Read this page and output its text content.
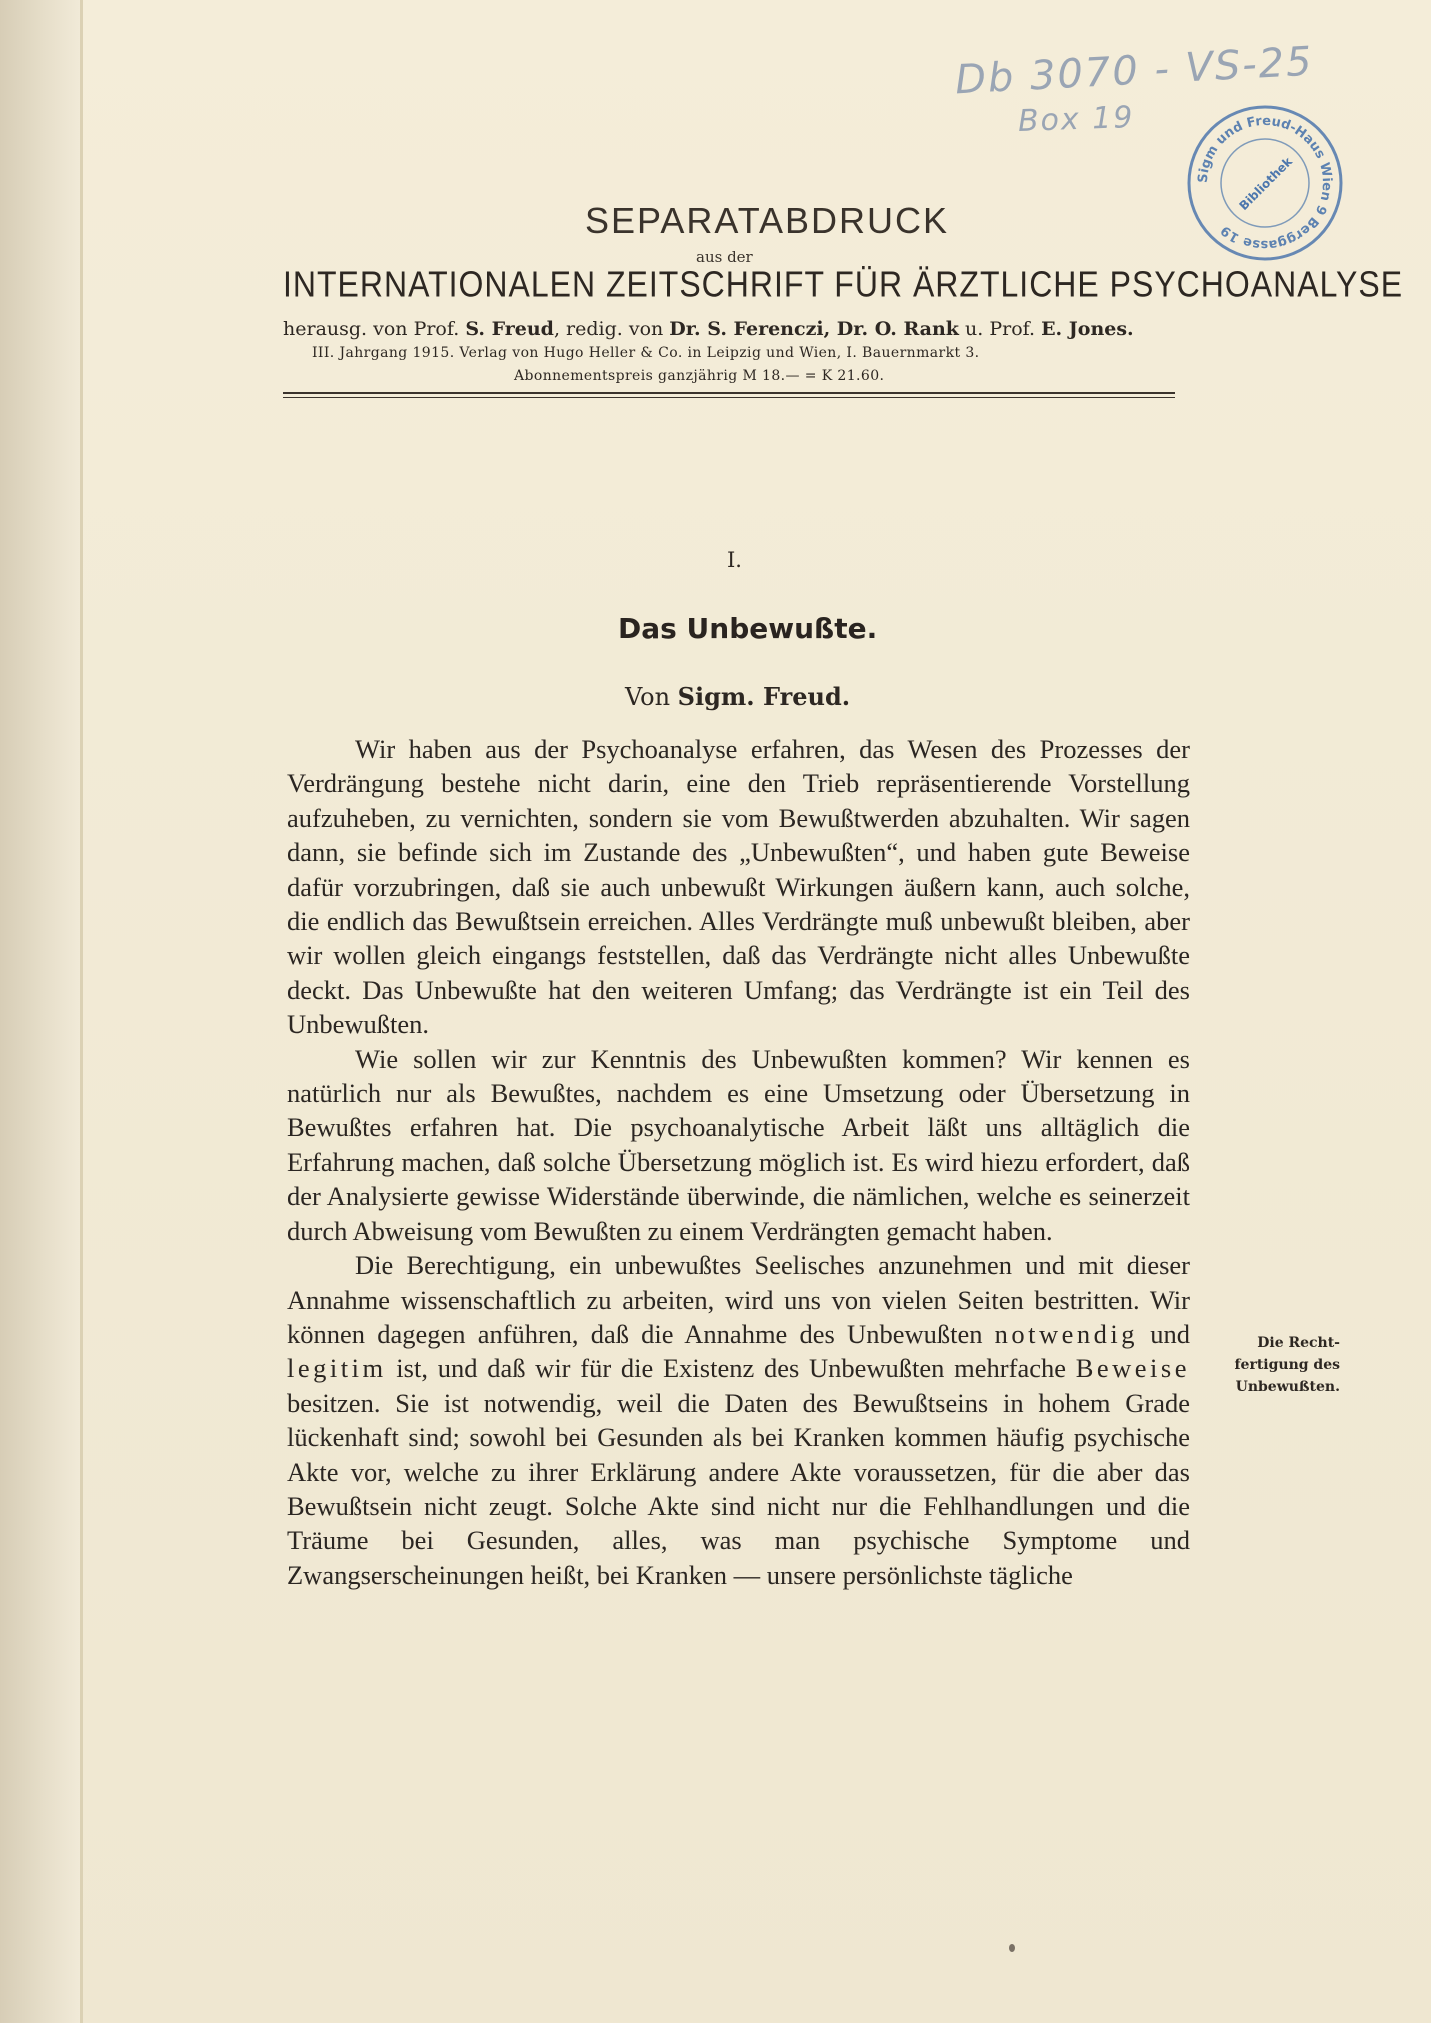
Db 3070 - VS-25
Box 19
Sigm und Freud-Haus Wien 9 Berggasse 19
Bibliothek
SEPARATABDRUCK
aus der
INTERNATIONALEN ZEITSCHRIFT FÜR ÄRZTLICHE PSYCHOANALYSE
herausg. von Prof. S. Freud, redig. von Dr. S. Ferenczi, Dr. O. Rank u. Prof. E. Jones.
III. Jahrgang 1915. Verlag von Hugo Heller & Co. in Leipzig und Wien, I. Bauernmarkt 3.
Abonnementspreis ganzjährig M 18.— = K 21.60.
I.
Das Unbewußte.
Von Sigm. Freud.

Wir haben aus der Psychoanalyse erfahren, das Wesen des Prozesses der Verdrängung bestehe nicht darin, eine den Trieb repräsentierende Vorstellung aufzuheben, zu vernichten, sondern sie vom Bewußtwerden abzuhalten. Wir sagen dann, sie befinde sich im Zustande des „Unbewußten“, und haben gute Beweise dafür vorzubringen, daß sie auch unbewußt Wirkungen äußern kann, auch solche, die endlich das Bewußtsein erreichen. Alles Verdrängte muß unbewußt bleiben, aber wir wollen gleich eingangs feststellen, daß das Verdrängte nicht alles Unbewußte deckt. Das Unbewußte hat den weiteren Umfang; das Verdrängte ist ein Teil des Unbewußten.

Wie sollen wir zur Kenntnis des Unbewußten kommen? Wir kennen es natürlich nur als Bewußtes, nachdem es eine Umsetzung oder Übersetzung in Bewußtes erfahren hat. Die psychoanalytische Arbeit läßt uns alltäglich die Erfahrung machen, daß solche Übersetzung möglich ist. Es wird hiezu erfordert, daß der Analysierte gewisse Widerstände überwinde, die nämlichen, welche es seinerzeit durch Abweisung vom Bewußten zu einem Verdrängten gemacht haben.

Die Berechtigung, ein unbewußtes Seelisches anzunehmen und mit dieser Annahme wissenschaftlich zu arbeiten, wird uns von vielen Seiten bestritten. Wir können dagegen anführen, daß die Annahme des Unbewußten notwendig und legitim ist, und daß wir für die Existenz des Unbewußten mehrfache Beweise besitzen. Sie ist notwendig, weil die Daten des Bewußtseins in hohem Grade lückenhaft sind; sowohl bei Gesunden als bei Kranken kommen häufig psychische Akte vor, welche zu ihrer Erklärung andere Akte voraussetzen, für die aber das Bewußtsein nicht zeugt. Solche Akte sind nicht nur die Fehlhandlungen und die Träume bei Gesunden, alles, was man psychische Symptome und Zwangserscheinungen heißt, bei Kranken — unsere persönlichste tägliche

Die Recht-
fertigung des
Unbewußten.
